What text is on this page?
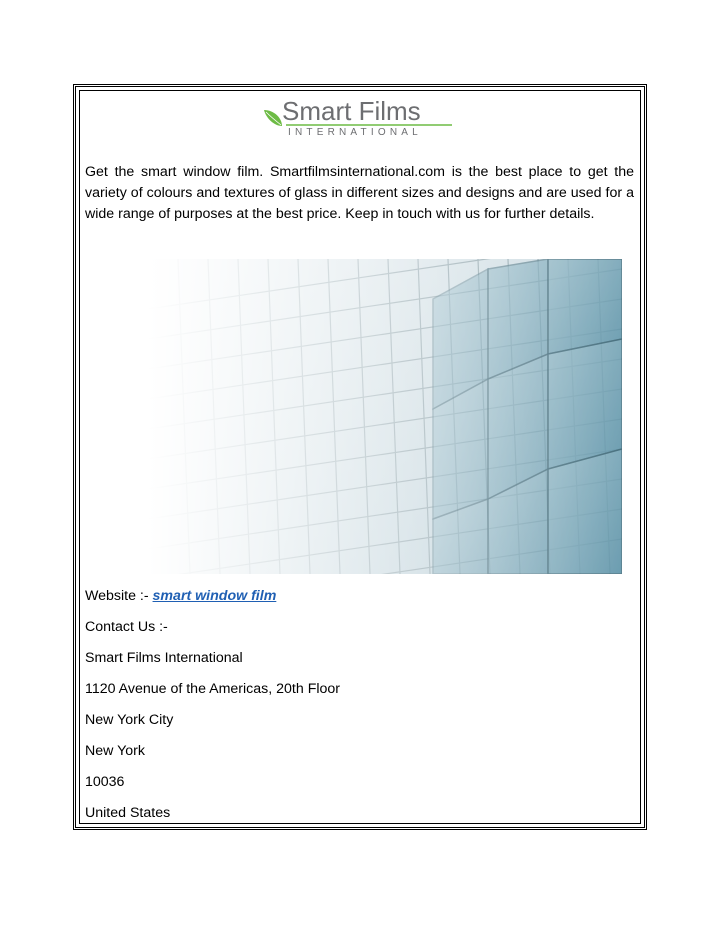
Smart Films
INTERNATIONAL

Get the smart window film. Smartfilmsinternational.com is the best place to get the variety of colours and textures of glass in different sizes and designs and are used for a wide range of purposes at the best price. Keep in touch with us for further details.

Website :- smart window film

Contact Us :-

Smart Films International

1120 Avenue of the Americas, 20th Floor

New York City

New York

10036

United States
